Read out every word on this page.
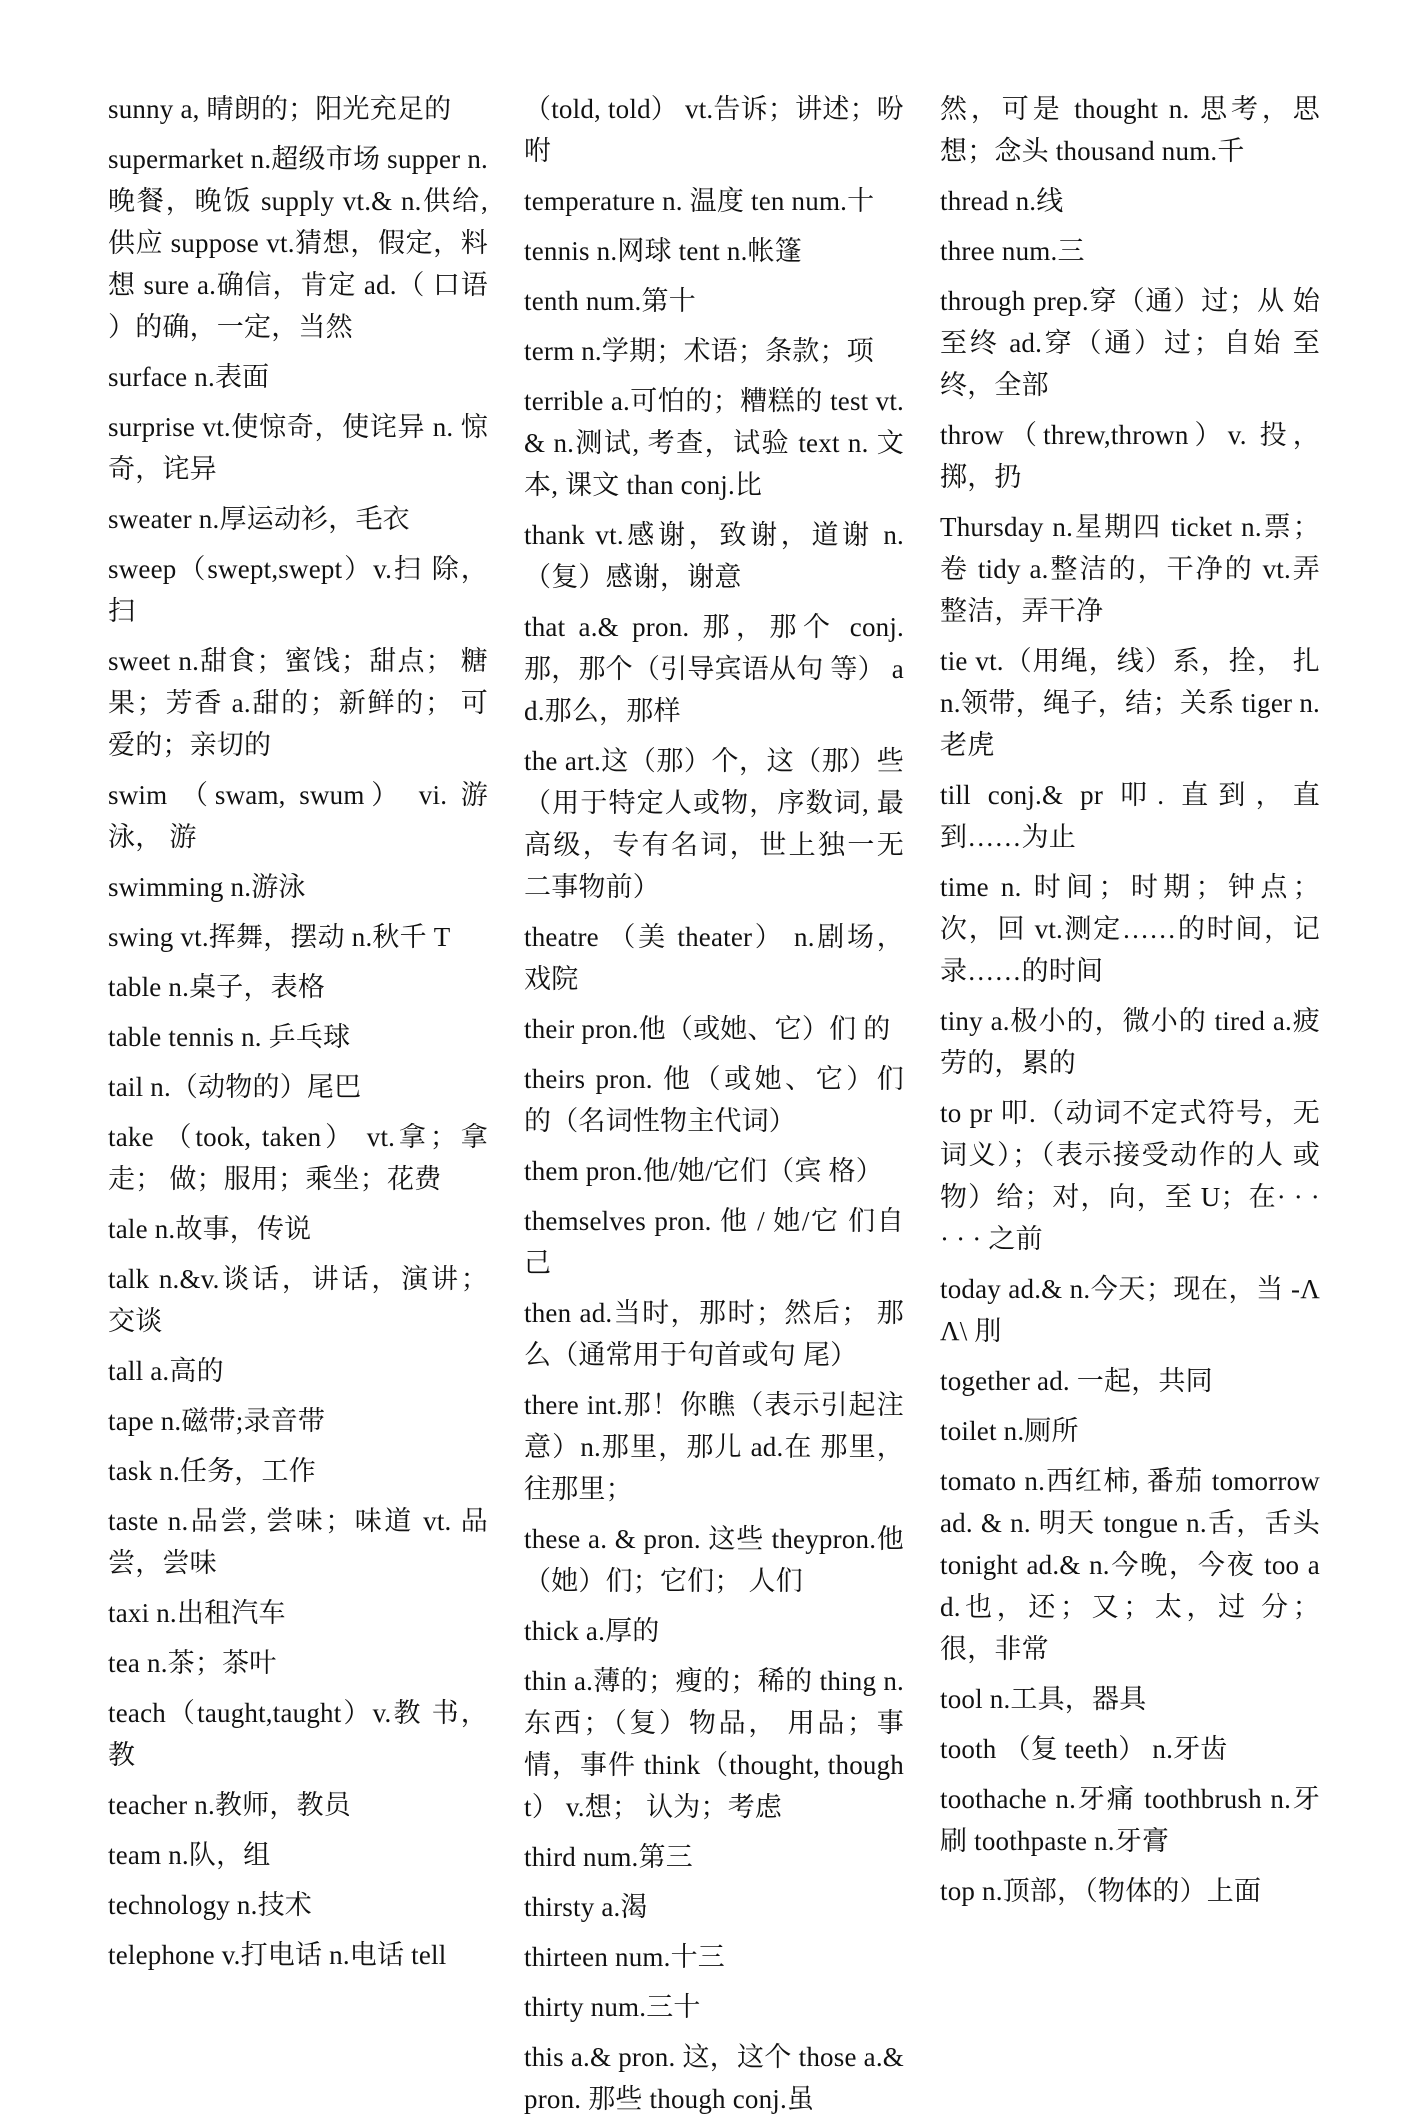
sunny a, 晴朗的；阳光充足的

supermarket n.超级市场 supper n.晚餐，晚饭 supply vt.& n.供给, 供应 suppose vt.猜想，假定，料想 sure a.确信，肯定 ad.（ 口语 ）的确，一定，当然

surface n.表面

surprise vt.使惊奇，使诧异 n. 惊奇，诧异

sweater n.厚运动衫，毛衣

sweep（swept,swept）v.扫 除，扫

sweet n.甜食；蜜饯；甜点； 糖果；芳香 a.甜的；新鲜的； 可爱的；亲切的

swim （swam, swum） vi. 游泳， 游

swimming n.游泳

swing vt.挥舞，摆动 n.秋千 T

table n.桌子，表格

table tennis n. 乒乓球

tail n.（动物的）尾巴

take （took, taken） vt.拿；拿走； 做；服用；乘坐；花费

tale n.故事，传说

talk n.&v.谈话，讲话，演讲；交谈

tall a.高的

tape n.磁带;录音带

task n.任务，工作

taste n.品尝, 尝味；味道 vt. 品尝，尝味

taxi n.出租汽车

tea n.茶；茶叶

teach（taught,taught）v.教 书，教

teacher n.教师，教员

team n.队，组

technology n.技术

telephone v.打电话 n.电话 tell

（told, told） vt.告诉；讲述；吩咐

temperature n. 温度 ten num.十

tennis n.网球 tent n.帐篷

tenth num.第十

term n.学期；术语；条款；项

terrible a.可怕的；糟糕的 test vt. & n.测试, 考查，试验 text n. 文本, 课文 than conj.比

thank vt.感谢，致谢，道谢 n. （复）感谢，谢意

that a.& pron. 那，那个 conj. 那，那个（引导宾语从句 等） ad.那么，那样

the art.这（那）个，这（那）些（用于特定人或物，序数词, 最高级，专有名词，世上独一无二事物前）

theatre （美 theater） n.剧场，戏院

their pron.他（或她、它）们 的

theirs pron. 他（或她、它）们 的（名词性物主代词）

them pron.他/她/它们（宾 格）

themselves pron. 他 / 她/它 们自己

then ad.当时，那时；然后； 那么（通常用于句首或句 尾）

there int.那！你瞧（表示引起注意）n.那里，那儿 ad.在 那里，往那里；

these a. & pron. 这些 theypron.他（她）们；它们； 人们

thick a.厚的

thin a.薄的；瘦的；稀的 thing n.东西；（复）物品， 用品；事情，事件 think（thought, thought） v.想； 认为；考虑

third num.第三

thirsty a.渴

thirteen num.十三

thirty num.三十

this a.& pron. 这，这个 those a.& pron. 那些 though conj.虽

然，可是 thought n. 思考，思想；念头 thousand num.千

thread n.线

three num.三

through prep.穿（通）过；从 始至终 ad.穿（通）过；自始 至终，全部

throw（threw,thrown）v. 投，掷，扔

Thursday n.星期四 ticket n.票；卷 tidy a.整洁的，干净的 vt.弄整洁，弄干净

tie vt.（用绳，线）系，拴， 扎 n.领带，绳子，结；关系 tiger n.老虎

till conj.& pr 叩. 直到，直到……为止

time n. 时间；时期；钟点；次，回 vt.测定……的时间，记录……的时间

tiny a.极小的，微小的 tired a.疲劳的，累的

to pr 叩.（动词不定式符号，无词义）；（表示接受动作的人 或物）给；对，向，至 U；在· · · · · · 之前

today ad.& n.今天；现在，当 -ΛΛ\ 刖

together ad. 一起，共同

toilet n.厕所

tomato n.西红柿, 番茄 tomorrow ad. & n. 明天 tongue n.舌，舌头 tonight ad.& n.今晚，今夜 too ad.也，还；又；太，过 分；很，非常

tool n.工具，器具

tooth （复 teeth） n.牙齿

toothache n.牙痛 toothbrush n.牙刷 toothpaste n.牙膏

top n.顶部，（物体的）上面
